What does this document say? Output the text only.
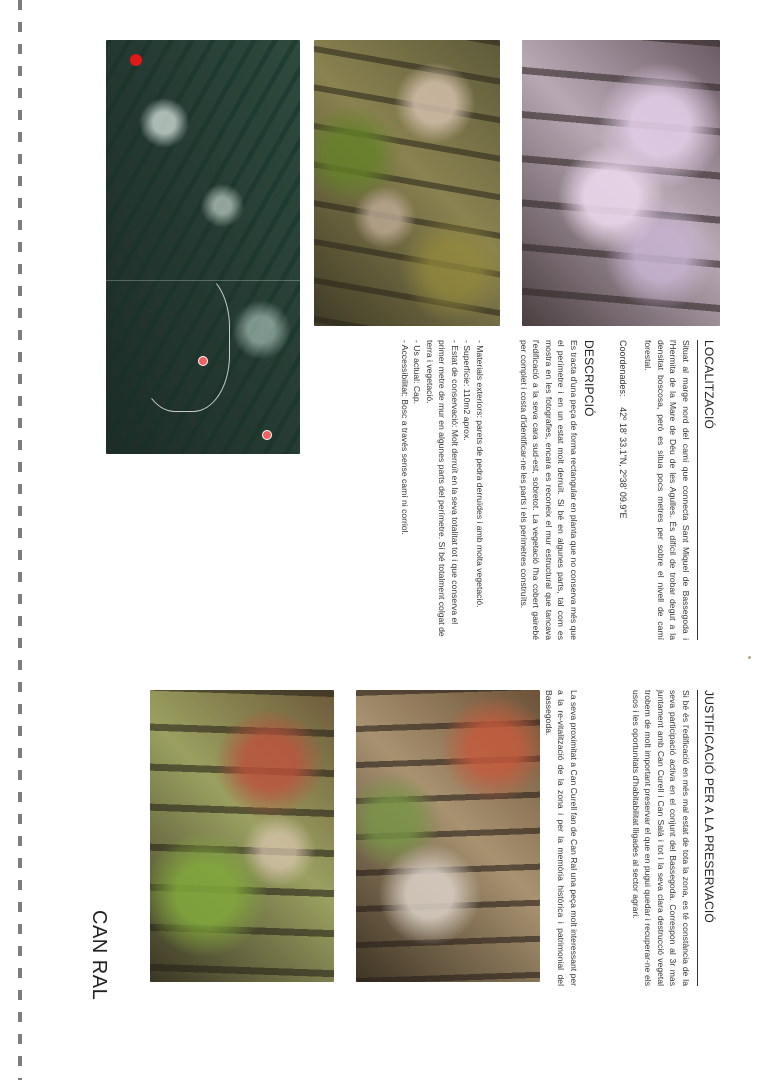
LOCALITZACIÓ

Situat al marge nord del camí que connecta Sant Miquel de Bassegoda i l'Hermita de la Mare de Déu de les Agulles. És difícil de trobar degut a la densitat boscosa, però es situa pocs metres per sobre el nivell de camí forestal.

Coordenades: 42º 18' 33.1"N, 2º38' 09.9"E
DESCRIPCIÓ

Es tracta d'una peça de forma rectangular en planta que no conserva més que el perímetre i en un estat molt derruït. Si bé en algunes parts, tal com es mostra en les fotografies, encara es reconeix el mur estructural que tancava l'edificació a la seva cara sud-est, sobretot. La vegetació l'ha cobert gairebé per complet i costa d'identificar-ne les parts i els perímetres construïts.

- Materials exteriors: parets de pedra derruïdes i amb molta vegetació.
- Superfície: 110m2 aprox.
- Estat de conservació: Molt derruït en la seva totalitat tot i que conserva el primer metre de mur en algunes parts del perímetre. Sí bé totalment colgat de terra i vegetació.
- Us actual: Cap.
- Accessibilitat: Bosc a través sense camí ni corriol.
JUSTIFICACIÓ PER A LA PRESERVACIÓ

Si bé és l'edificació en més mal estat de tota la zona, es té constància de la seva participació activa en el conjunt del Bassegoda. Correspon al 3r mas juntament amb Can Curell i Can Salà i tot i la seva clara destrucció vegetal trobem de molt important preservar el que en pugui quedar i recuperar-ne els usos i les oportunitats d'habitabilitat lligades al sector agrari.

La seva proximitat a Can Curell fan de Can Ral una peça molt interessant per a la re-vitalització de la zona i per la memòria històrica i patrimonial del Bassegoda.

CAN RAL
